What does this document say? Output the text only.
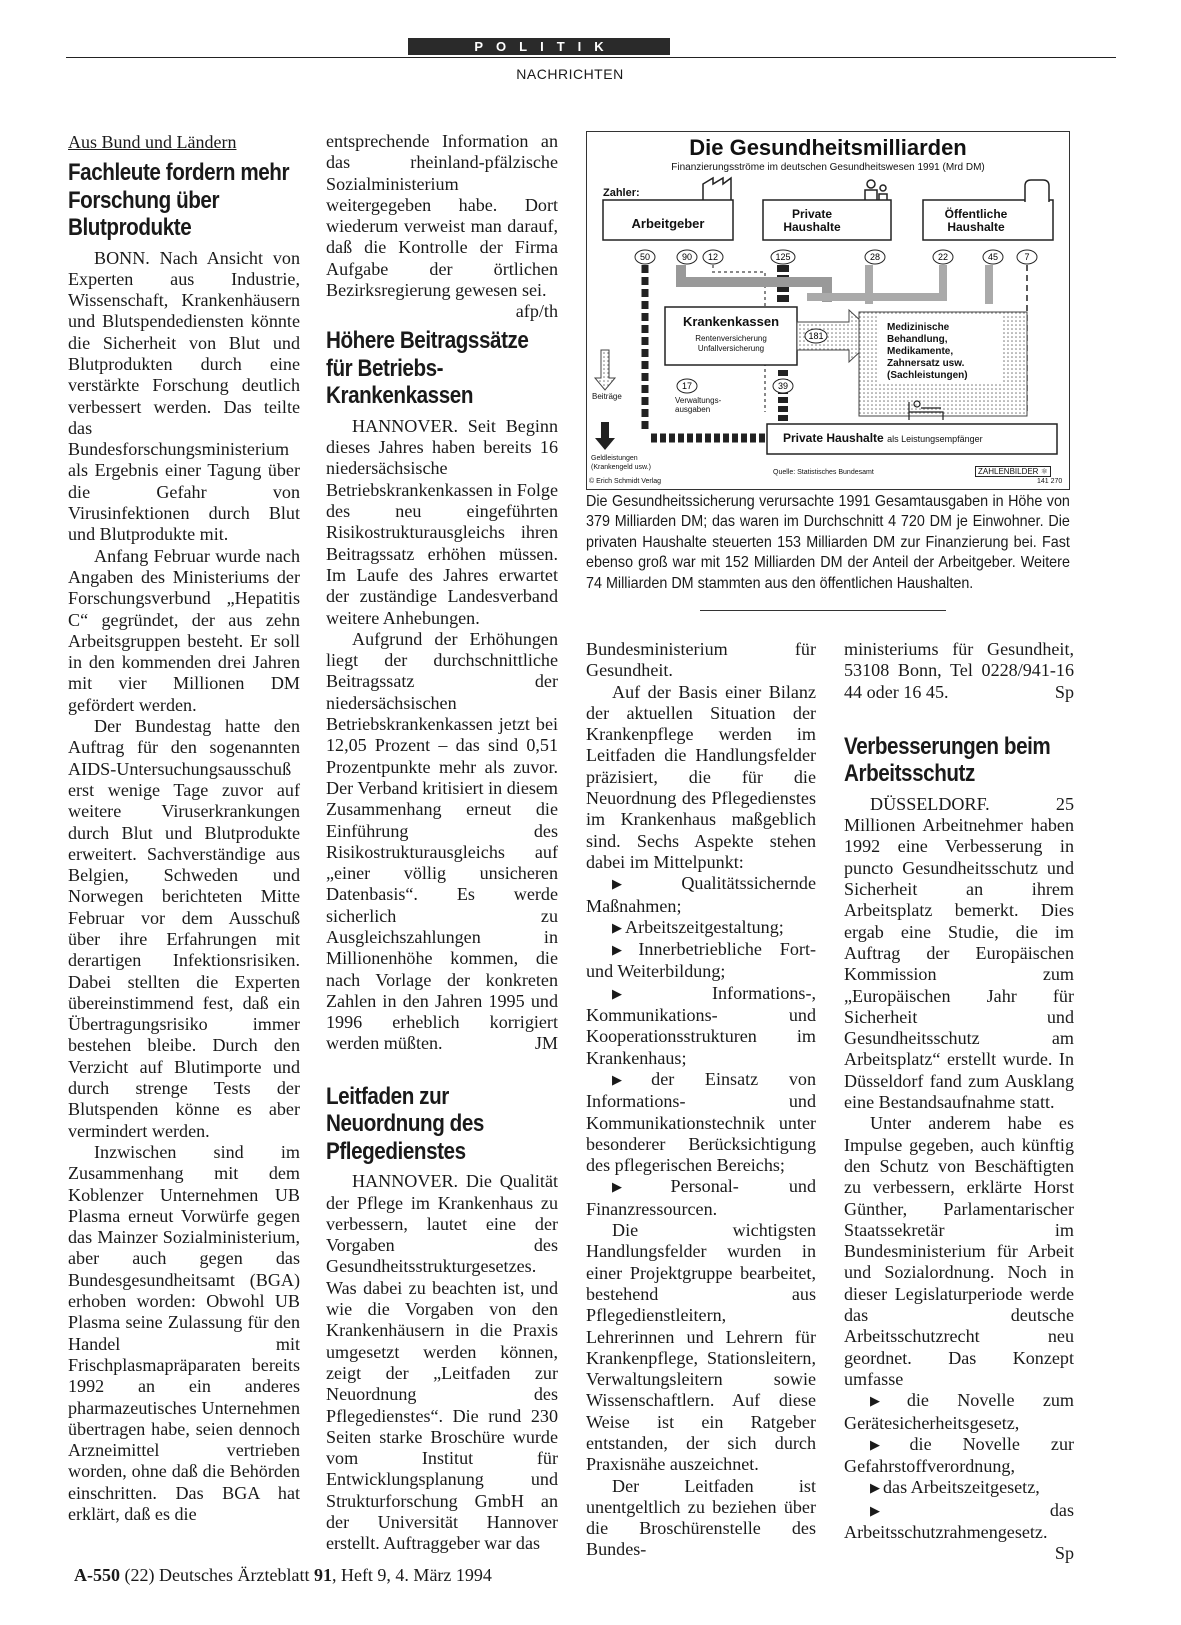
POLITIK
NACHRICHTEN
Aus Bund und Ländern
Fachleute fordern mehr Forschung über Blutprodukte

BONN. Nach Ansicht von Experten aus Industrie, Wissenschaft, Krankenhäusern und Blutspendediensten könnte die Sicherheit von Blut und Blutprodukten durch eine verstärkte Forschung deutlich verbessert werden. Das teilte das Bundesforschungsministerium als Ergebnis einer Tagung über die Gefahr von Virusinfektionen durch Blut und Blutprodukte mit.

Anfang Februar wurde nach Angaben des Ministeriums der Forschungsverbund „Hepatitis C“ gegründet, der aus zehn Arbeitsgruppen besteht. Er soll in den kommenden drei Jahren mit vier Millionen DM gefördert werden.

Der Bundestag hatte den Auftrag für den sogenannten AIDS-Untersuchungsausschuß erst wenige Tage zuvor auf weitere Viruserkrankungen durch Blut und Blutprodukte erweitert. Sachverständige aus Belgien, Schweden und Norwegen berichteten Mitte Februar vor dem Ausschuß über ihre Erfahrungen mit derartigen Infektionsrisiken. Dabei stellten die Experten übereinstimmend fest, daß ein Übertragungsrisiko immer bestehen bleibe. Durch den Verzicht auf Blutimporte und durch strenge Tests der Blutspenden könne es aber vermindert werden.

Inzwischen sind im Zusammenhang mit dem Koblenzer Unternehmen UB Plasma erneut Vorwürfe gegen das Mainzer Sozialministerium, aber auch gegen das Bundesgesundheitsamt (BGA) erhoben worden: Obwohl UB Plasma seine Zulassung für den Handel mit Frischplasmapräparaten bereits 1992 an ein anderes pharmazeutisches Unternehmen übertragen habe, seien dennoch Arzneimittel vertrieben worden, ohne daß die Behörden einschritten. Das BGA hat erklärt, daß es die

entsprechende Information an das rheinland-pfälzische Sozialministerium weitergegeben habe. Dort wiederum verweist man darauf, daß die Kontrolle der Firma Aufgabe der örtlichen Bezirksregierung gewesen sei.
afp/th

Höhere Beitragssätze für Betriebs-Krankenkassen

HANNOVER. Seit Beginn dieses Jahres haben bereits 16 niedersächsische Betriebskrankenkassen in Folge des neu eingeführten Risikostrukturausgleichs ihren Beitragssatz erhöhen müssen. Im Laufe des Jahres erwartet der zuständige Landesverband weitere Anhebungen.

Aufgrund der Erhöhungen liegt der durchschnittliche Beitragssatz der niedersächsischen Betriebskrankenkassen jetzt bei 12,05 Prozent – das sind 0,51 Prozentpunkte mehr als zuvor. Der Verband kritisiert in diesem Zusammenhang erneut die Einführung des Risikostrukturausgleichs auf „einer völlig unsicheren Datenbasis“. Es werde sicherlich zu Ausgleichszahlungen in Millionenhöhe kommen, die nach Vorlage der konkreten Zahlen in den Jahren 1995 und 1996 erheblich korrigiert werden müßten.	JM

Leitfaden zur Neuordnung des Pflegedienstes

HANNOVER. Die Qualität der Pflege im Krankenhaus zu verbessern, lautet eine der Vorgaben des Gesundheitsstrukturgesetzes. Was dabei zu beachten ist, und wie die Vorgaben von den Krankenhäusern in die Praxis umgesetzt werden können, zeigt der „Leitfaden zur Neuordnung des Pflegedienstes“. Die rund 230 Seiten starke Broschüre wurde vom Institut für Entwicklungsplanung und Strukturforschung GmbH an der Universität Hannover erstellt. Auftraggeber war das

50	90 12	125	28	22	45	7
181
17	39
Die Gesundheitsmilliarden
Finanzierungsströme im deutschen Gesundheitswesen 1991 (Mrd DM)
Zahler:
Arbeitgeber
Private Haushalte
Öffentliche Haushalte
Krankenkassen
Rentenversicherung Unfallversicherung
Medizinische Behandlung, Medikamente, Zahnersatz usw. (Sachleistungen)
Private Haushalte als Leistungsempfänger
Beiträge	Verwaltungs-ausgaben
Geldleistungen (Krankengeld usw.)
Quelle: Statistisches Bundesamt	ZAHLENBILDER ⚛
© Erich Schmidt Verlag	141 270
Die Gesundheitssicherung verursachte 1991 Gesamtausgaben in Höhe von 379 Milliarden DM; das waren im Durchschnitt 4 720 DM je Einwohner. Die privaten Haushalte steuerten 153 Milliarden DM zur Finanzierung bei. Fast ebenso groß war mit 152 Milliarden DM der Anteil der Arbeitgeber. Weitere 74 Milliarden DM stammten aus den öffentlichen Haushalten.

Bundesministerium für Gesundheit.

Auf der Basis einer Bilanz der aktuellen Situation der Krankenpflege werden im Leitfaden die Handlungsfelder präzisiert, die für die Neuordnung des Pflegedienstes im Krankenhaus maßgeblich sind. Sechs Aspekte stehen dabei im Mittelpunkt:

▶ Qualitätssichernde Maßnahmen;

▶ Arbeitszeitgestaltung;

▶ Innerbetriebliche Fort- und Weiterbildung;

▶ Informations-, Kommunikations- und Kooperationsstrukturen im Krankenhaus;

▶ der Einsatz von Informations- und Kommunikationstechnik unter besonderer Berücksichtigung des pflegerischen Bereichs;

▶ Personal- und Finanzressourcen.

Die wichtigsten Handlungsfelder wurden in einer Projektgruppe bearbeitet, bestehend aus Pflegedienstleitern, Lehrerinnen und Lehrern für Krankenpflege, Stationsleitern, Verwaltungsleitern sowie Wissenschaftlern. Auf diese Weise ist ein Ratgeber entstanden, der sich durch Praxisnähe auszeichnet.

Der Leitfaden ist unentgeltlich zu beziehen über die Broschürenstelle des Bundes-

ministeriums für Gesundheit, 53108 Bonn, Tel 0228/941-16 44 oder 16 45.	Sp

Verbesserungen beim Arbeitsschutz

DÜSSELDORF. 25 Millionen Arbeitnehmer haben 1992 eine Verbesserung in puncto Gesundheitsschutz und Sicherheit an ihrem Arbeitsplatz bemerkt. Dies ergab eine Studie, die im Auftrag der Europäischen Kommission zum „Europäischen Jahr für Sicherheit und Gesundheitsschutz am Arbeitsplatz“ erstellt wurde. In Düsseldorf fand zum Ausklang eine Bestandsaufnahme statt.

Unter anderem habe es Impulse gegeben, auch künftig den Schutz von Beschäftigten zu verbessern, erklärte Horst Günther, Parlamentarischer Staatssekretär im Bundesministerium für Arbeit und Sozialordnung. Noch in dieser Legislaturperiode werde das deutsche Arbeitsschutzrecht neu geordnet. Das Konzept umfasse

▶ die Novelle zum Gerätesicherheitsgesetz,

▶ die Novelle zur Gefahrstoffverordnung,

▶ das Arbeitszeitgesetz,

▶ das Arbeitsschutzrahmengesetz.
Sp

A-550 (22) Deutsches Ärzteblatt 91, Heft 9, 4. März 1994
